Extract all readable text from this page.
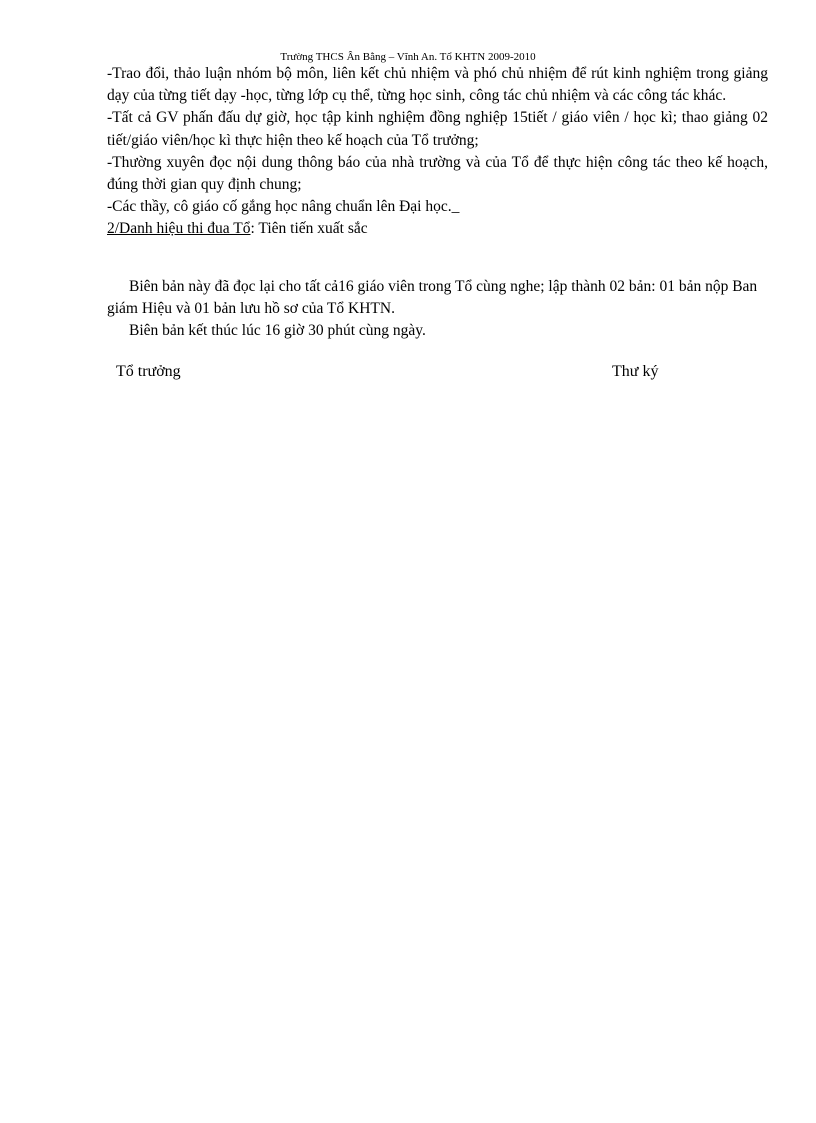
Trường THCS Ân Bằng – Vĩnh An. Tổ KHTN 2009-2010

-Trao đổi, thảo luận nhóm bộ môn, liên kết chủ nhiệm và phó chủ nhiệm để rút kinh nghiệm trong giảng dạy của từng tiết dạy -học, từng lớp cụ thể, từng học sinh, công tác chủ nhiệm và các công tác khác.

-Tất cả GV phấn đấu dự giờ, học tập kinh nghiệm đồng nghiệp 15tiết / giáo viên / học kì; thao giảng 02 tiết/giáo viên/học kì thực hiện theo kế hoạch của Tổ trưởng;

-Thường xuyên đọc nội dung thông báo của nhà trường và của Tổ để thực hiện công tác theo kế hoạch, đúng thời gian quy định chung;

-Các thầy, cô giáo cố gắng học nâng chuẩn lên Đại học._

2/Danh hiệu thi đua Tổ: Tiên tiến xuất sắc

Biên bản này đã đọc lại cho tất cả16 giáo viên trong Tổ cùng nghe; lập thành 02 bản: 01 bản nộp Ban giám Hiệu và 01 bản lưu hồ sơ của Tổ KHTN.

Biên bản kết thúc lúc 16 giờ 30 phút cùng ngày.

Tổ trưởng	Thư ký
